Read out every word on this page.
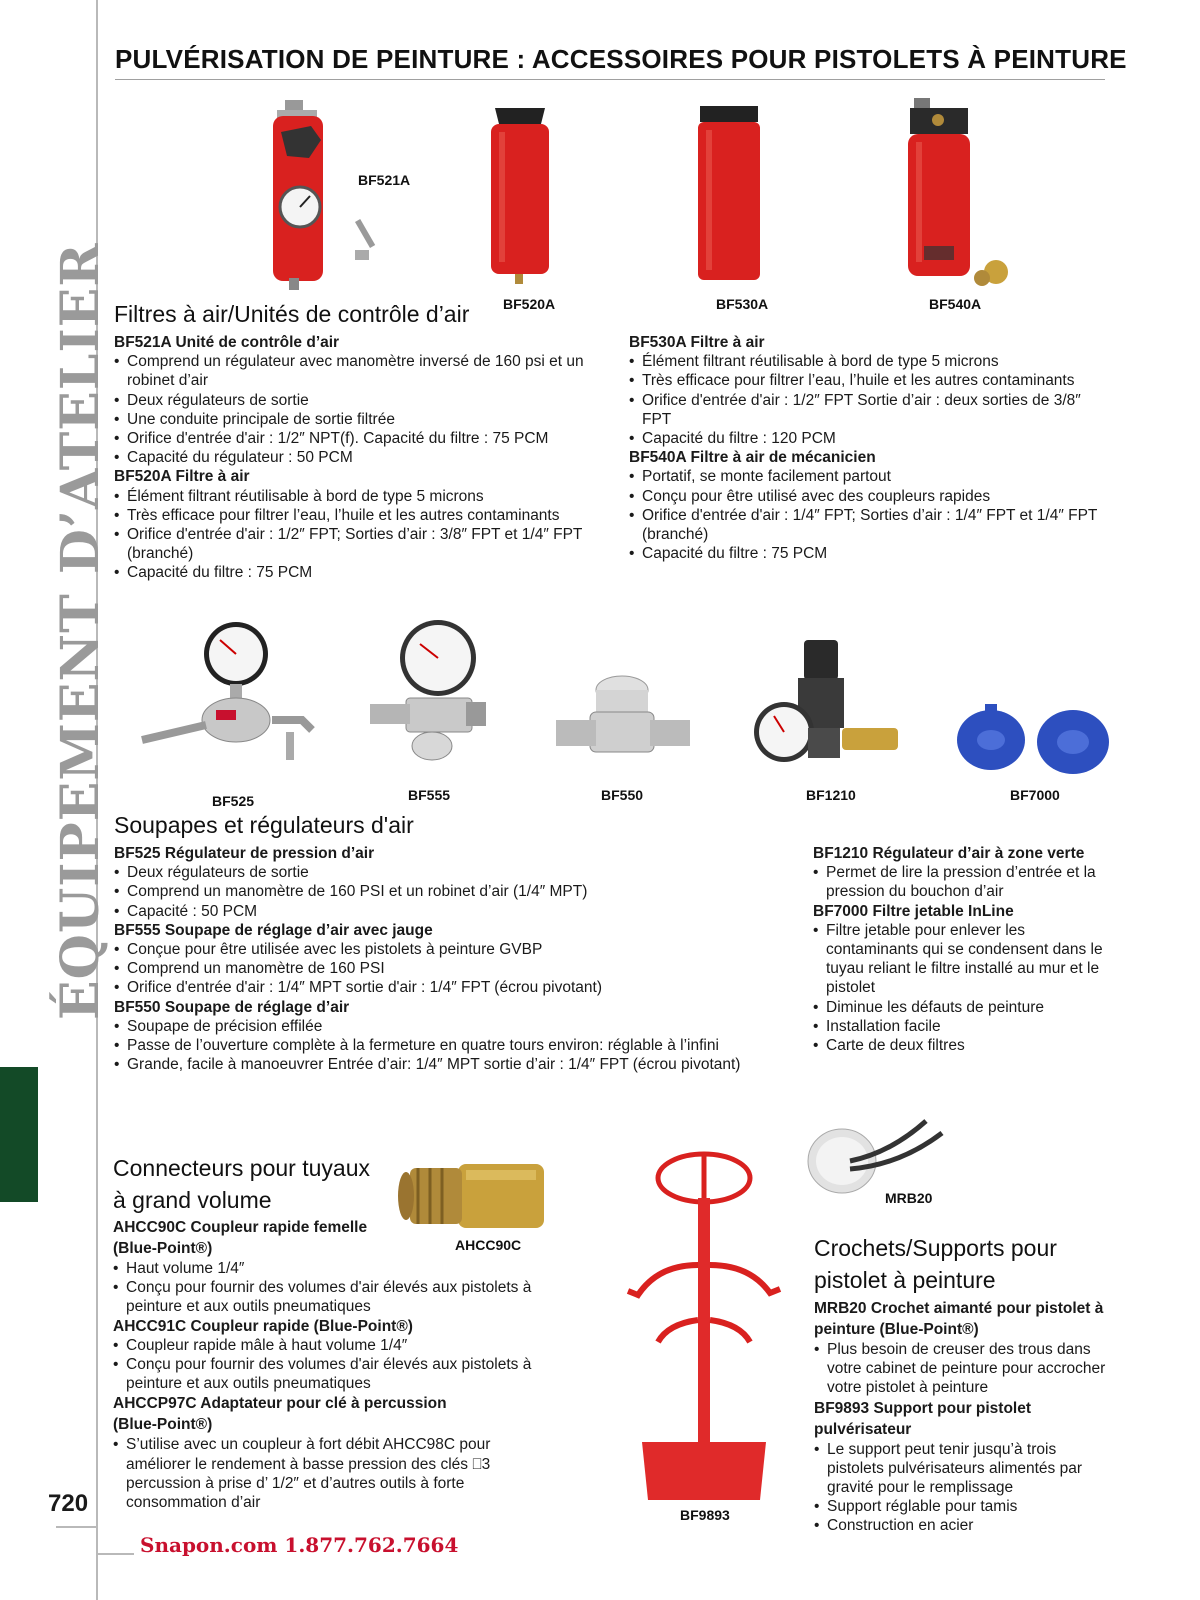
ÉQUIPEMENT D’ATELIER
720
Snapon.com 1.877.762.7664
PULVÉRISATION DE PEINTURE : ACCESSOIRES POUR PISTOLETS À PEINTURE
BF521A
BF520A	BF530A	BF540A
Filtres à air/Unités de contrôle d’air
BF521A Unité de contrôle d’air
• Comprend un régulateur avec manomètre inversé de 160 psi et un robinet d’air
• Deux régulateurs de sortie
• Une conduite principale de sortie filtrée
• Orifice d'entrée d'air : 1/2″ NPT(f). Capacité du filtre : 75 PCM
• Capacité du régulateur : 50 PCM
BF520A Filtre à air
• Élément filtrant réutilisable à bord de type 5 microns
• Très efficace pour filtrer l’eau, l’huile et les autres contaminants
• Orifice d'entrée d'air : 1/2″ FPT; Sorties d’air : 3/8″ FPT et 1/4″ FPT (branché)
• Capacité du filtre : 75 PCM
BF530A Filtre à air
• Élément filtrant réutilisable à bord de type 5 microns
• Très efficace pour filtrer l’eau, l’huile et les autres contaminants
• Orifice d'entrée d'air : 1/2″ FPT Sortie d’air : deux sorties de 3/8″ FPT
• Capacité du filtre : 120 PCM
BF540A Filtre à air de mécanicien
• Portatif, se monte facilement partout
• Conçu pour être utilisé avec des coupleurs rapides
• Orifice d'entrée d'air : 1/4″ FPT; Sorties d’air : 1/4″ FPT et 1/4″ FPT (branché)
• Capacité du filtre : 75 PCM
BF525	BF555	BF550	BF1210	BF7000
Soupapes et régulateurs d'air
BF525 Régulateur de pression d’air
• Deux régulateurs de sortie
• Comprend un manomètre de 160 PSI et un robinet d’air (1/4″ MPT)
• Capacité : 50 PCM
BF555 Soupape de réglage d’air avec jauge
• Conçue pour être utilisée avec les pistolets à peinture GVBP
• Comprend un manomètre de 160 PSI
• Orifice d'entrée d'air : 1/4″ MPT sortie d'air : 1/4″ FPT (écrou pivotant)
BF550 Soupape de réglage d’air
• Soupape de précision effilée
• Passe de l’ouverture complète à la fermeture en quatre tours environ: réglable à l’infini
• Grande, facile à manoeuvrer Entrée d’air: 1/4″ MPT sortie d’air : 1/4″ FPT (écrou pivotant)
BF1210 Régulateur d’air à zone verte
• Permet de lire la pression d’entrée et la pression du bouchon d’air
BF7000 Filtre jetable InLine
• Filtre jetable pour enlever les contaminants qui se condensent dans le tuyau reliant le filtre installé au mur et le pistolet
• Diminue les défauts de peinture
• Installation facile
• Carte de deux filtres
AHCC90C
Connecteurs pour tuyaux à grand volume
AHCC90C Coupleur rapide femelle (Blue-Point®)
• Haut volume 1/4″
• Conçu pour fournir des volumes d'air élevés aux pistolets à peinture et aux outils pneumatiques
AHCC91C Coupleur rapide (Blue-Point®)
• Coupleur rapide mâle à haut volume 1/4″
• Conçu pour fournir des volumes d'air élevés aux pistolets à peinture et aux outils pneumatiques
AHCCP97C Adaptateur pour clé à percussion (Blue-Point®)
• S’utilise avec un coupleur à fort débit AHCC98C pour améliorer le rendement à basse pression des clés ⎕3 percussion à prise d’ 1/2″ et d’autres outils à forte consommation d’air
BF9893
MRB20
Crochets/Supports pour pistolet à peinture
MRB20 Crochet aimanté pour pistolet à peinture (Blue-Point®)
• Plus besoin de creuser des trous dans votre cabinet de peinture pour accrocher votre pistolet à peinture
BF9893 Support pour pistolet pulvérisateur
• Le support peut tenir jusqu’à trois pistolets pulvérisateurs alimentés par gravité pour le remplissage
• Support réglable pour tamis
• Construction en acier
